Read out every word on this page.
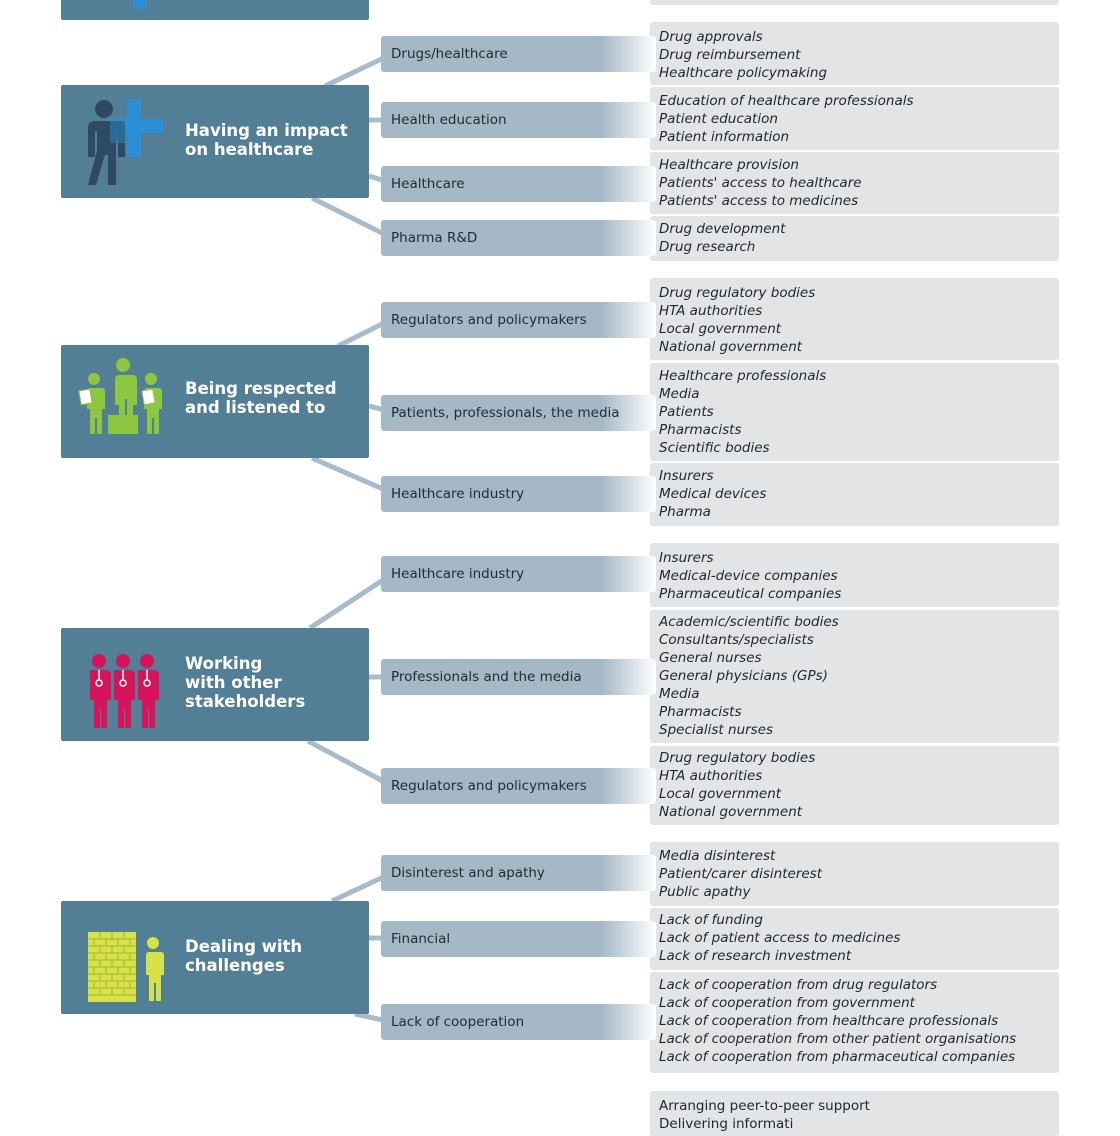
Having an impact
on healthcare
Drugs/healthcare
Health education
Healthcare
Pharma R&D
Drug approvals
Drug reimbursement
Healthcare policymaking
Education of healthcare professionals
Patient education
Patient information
Healthcare provision
Patients' access to healthcare
Patients' access to medicines
Drug development
Drug research
Being respected
and listened to
Regulators and policymakers
Patients, professionals, the media
Healthcare industry
Drug regulatory bodies
HTA authorities
Local government
National government
Healthcare professionals
Media
Patients
Pharmacists
Scientific bodies
Insurers
Medical devices
Pharma
Working
with other
stakeholders
Healthcare industry
Professionals and the media
Regulators and policymakers
Insurers
Medical-device companies
Pharmaceutical companies
Academic/scientific bodies
Consultants/specialists
General nurses
General physicians (GPs)
Media
Pharmacists
Specialist nurses
Drug regulatory bodies
HTA authorities
Local government
National government
Dealing with
challenges
Disinterest and apathy
Financial
Lack of cooperation
Media disinterest
Patient/carer disinterest
Public apathy
Lack of funding
Lack of patient access to medicines
Lack of research investment
Lack of cooperation from drug regulators
Lack of cooperation from government
Lack of cooperation from healthcare professionals
Lack of cooperation from other patient organisations
Lack of cooperation from pharmaceutical companies
Arranging peer-to-peer support
Delivering informati
